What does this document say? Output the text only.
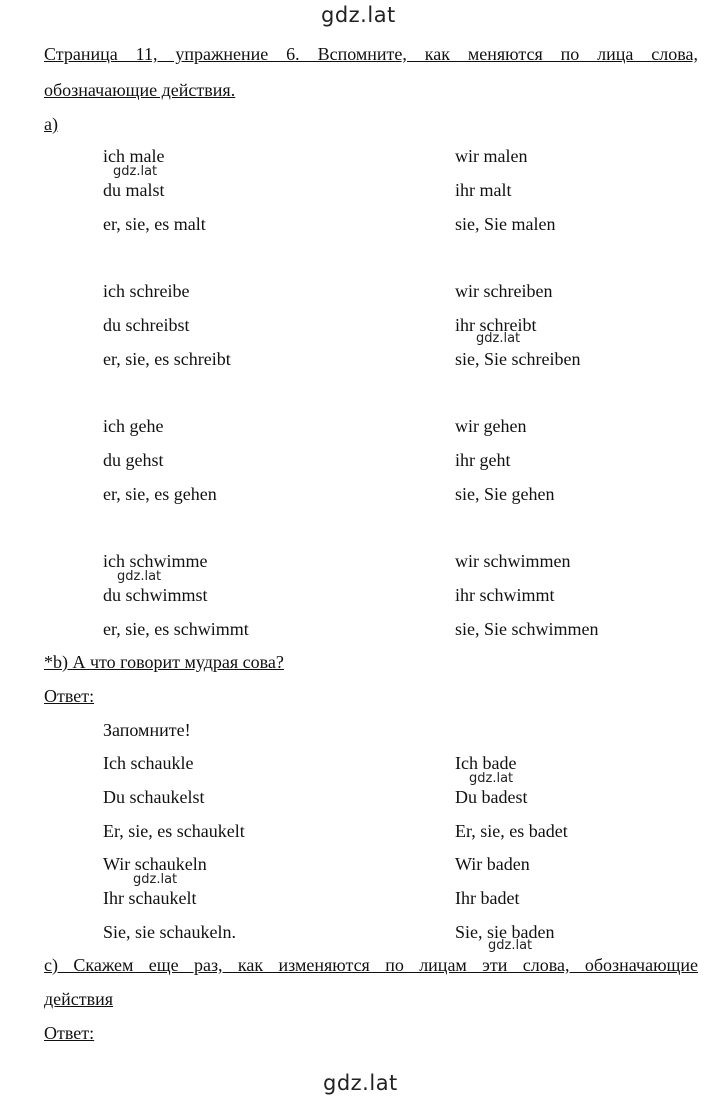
gdz.lat
gdz.lat
gdz.lat
gdz.lat
gdz.lat
gdz.lat
gdz.lat
gdz.lat
Страница 11, упражнение 6. Вспомните, как меняются по лица слова,
обозначающие действия.
а)
ich male
du malst
er, sie, es malt
wir malen
ihr malt
sie, Sie malen
ich schreibe
du schreibst
er, sie, es schreibt
wir schreiben
ihr schreibt
sie, Sie schreiben
ich gehe
du gehst
er, sie, es gehen
wir gehen
ihr geht
sie, Sie gehen
ich schwimme
du schwimmst
er, sie, es schwimmt
wir schwimmen
ihr schwimmt
sie, Sie schwimmen
*b) А что говорит мудрая сова?
Ответ:
Запомните!
Ich schaukle
Du schaukelst
Er, sie, es schaukelt
Wir schaukeln
Ihr schaukelt
Sie, sie schaukeln.
Ich bade
Du badest
Er, sie, es badet
Wir baden
Ihr badet
Sie, sie baden
с) Скажем еще раз, как изменяются по лицам эти слова, обозначающие
действия
Ответ:
